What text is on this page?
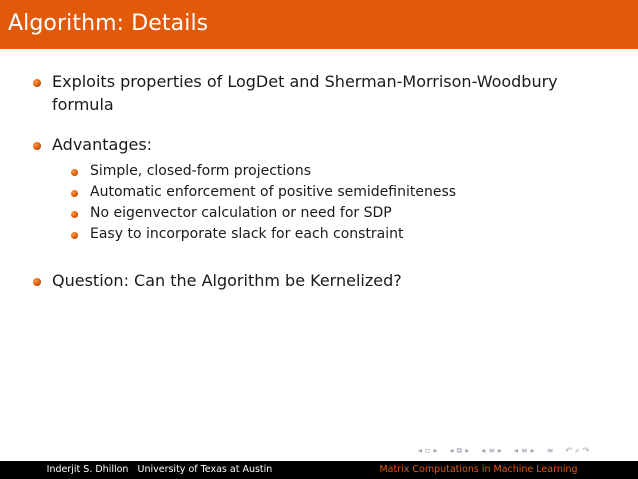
Algorithm: Details
Exploits properties of LogDet and Sherman-Morrison-Woodbury
formula
Advantages:
Simple, closed-form projections
Automatic enforcement of positive semidefiniteness
No eigenvector calculation or need for SDP
Easy to incorporate slack for each constraint
Question: Can the Algorithm be Kernelized?
◂ ▫ ▸ ◂ ⧉ ▸ ◂ ≡ ▸ ◂ ≡ ▸ ≡ ↶ ⌕ ↷
Inderjit S. Dhillon University of Texas at Austin	Matrix Computations in Machine Learning
